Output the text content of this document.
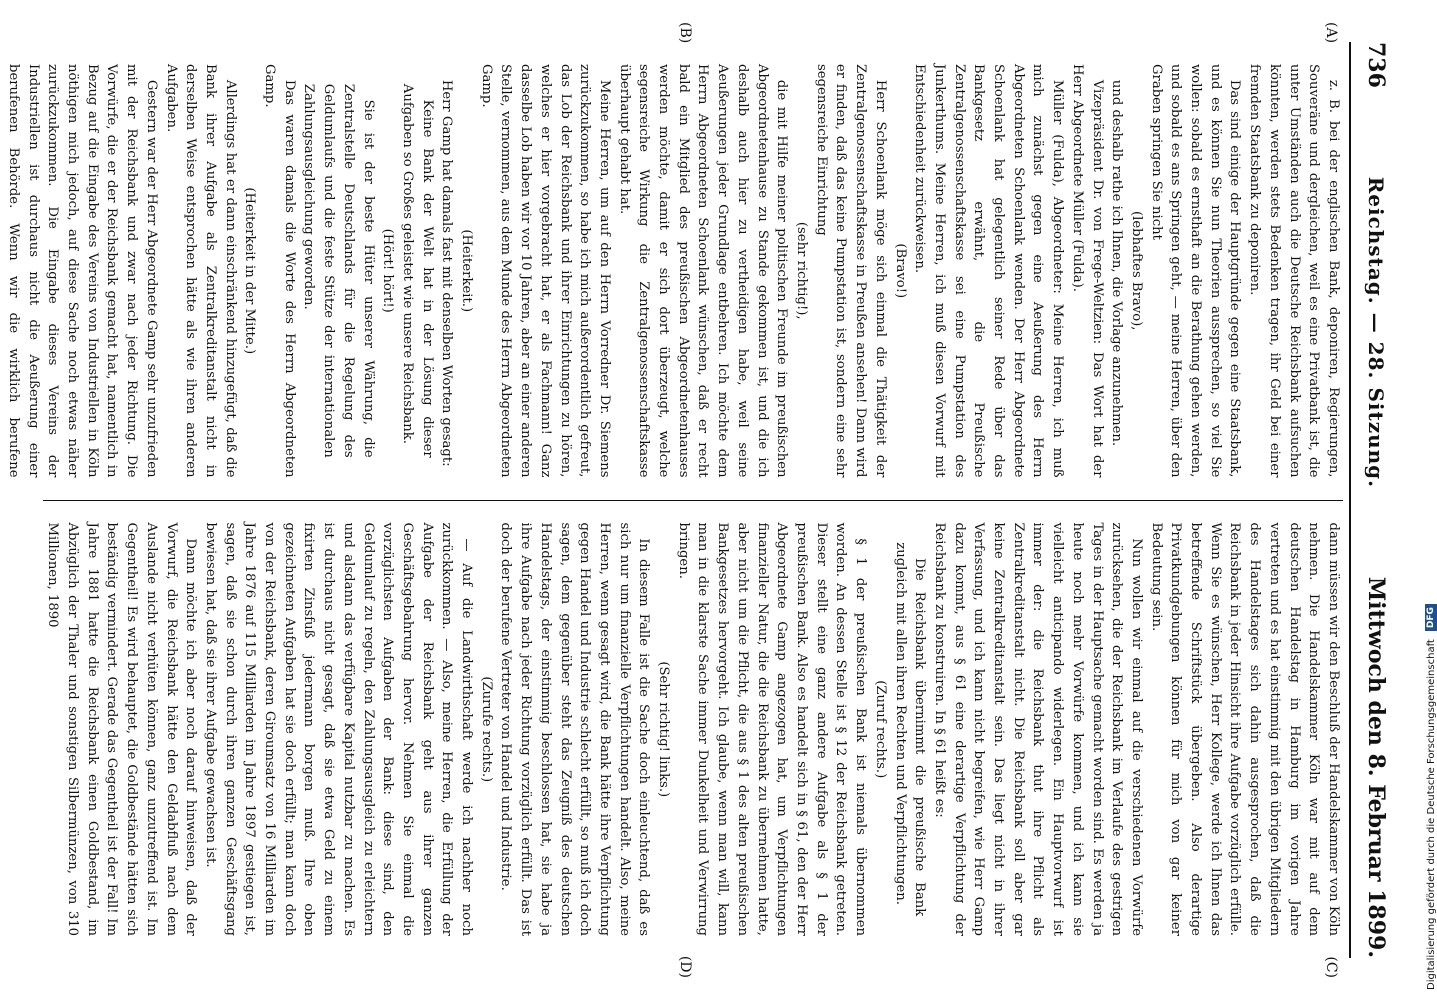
736
Reichstag. — 28. Sitzung.
Mittwoch den 8. Februar 1899.
(A)
(B)
(C)
(D)

z. B. bei der englischen Bank, deponiren, Regierungen, Souveräne und dergleichen, weil es eine Privatbank ist, die unter Umständen auch die Deutsche Reichsbank aufsuchen könnten, werden stets Bedenken tragen, ihr Geld bei einer fremden Staatsbank zu deponiren.

Das sind einige der Hauptgründe gegen eine Staatsbank, und es können Sie nun Theorien aussprechen, so viel Sie wollen: sobald es ernsthaft an die Berathung gehen werden, und sobald es ans Springen geht, — meine Herren, über den Graben springen Sie nicht

(lebhaftes Bravo),

und deshalb rathe ich Ihnen, die Vorlage anzunehmen.

Vizepräsident Dr. von Frege-Weltzien: Das Wort hat der Herr Abgeordnete Müller (Fulda).

Müller (Fulda), Abgeordneter: Meine Herren, ich muß mich zunächst gegen eine Aeußerung des Herrn Abgeordneten Schoenlank wenden. Der Herr Abgeordnete Schoenlank hat gelegentlich seiner Rede über das Bankgesetz erwähnt, die Preußische Zentralgenossenschaftskasse sei eine Pumpstation des Junkerthums. Meine Herren, ich muß diesen Vorwurf mit Entschiedenheit zurückweisen.

(Bravo!)

Herr Schoenlank möge sich einmal die Thätigkeit der Zentralgenossenschaftskasse in Preußen ansehen! Dann wird er finden, daß das keine Pumpstation ist, sondern eine sehr segensreiche Einrichtung

(sehr richtig!),

die mit Hilfe meiner politischen Freunde im preußischen Abgeordnetenhause zu Stande gekommen ist, und die ich deshalb auch hier zu vertheidigen habe, weil seine Aeußerungen jeder Grundlage entbehren. Ich möchte dem Herrn Abgeordneten Schoenlank wünschen, daß er recht bald ein Mitglied des preußischen Abgeordnetenhauses werden möchte, damit er sich dort überzeugt, welche segensreiche Wirkung die Zentralgenossenschaftskasse überhaupt gehabt hat.

Meine Herren, um auf den Herrn Vorredner Dr. Siemens zurückzukommen, so habe ich mich außerordentlich gefreut, das Lob der Reichsbank und ihrer Einrichtungen zu hören, welches er hier vorgebracht hat, er als Fachmann! Ganz dasselbe Lob haben wir vor 10 Jahren, aber an einer anderen Stelle, vernommen, aus dem Munde des Herrn Abgeordneten Gamp.

(Heiterkeit.)

Herr Gamp hat damals fast mit denselben Worten gesagt:

Keine Bank der Welt hat in der Lösung dieser Aufgaben so Großes geleistet wie unsere Reichsbank.

(Hört! hört!)

Sie ist der beste Hüter unserer Währung, die Zentralstelle Deutschlands für die Regelung des Geldumlaufs und die feste Stütze der internationalen Zahlungsausgleichung geworden.

Das waren damals die Worte des Herrn Abgeordneten Gamp.

(Heiterkeit in der Mitte.)

Allerdings hat er dann einschränkend hinzugefügt, daß die Bank ihrer Aufgabe als Zentralkreditanstalt nicht in derselben Weise entsprochen hätte als wie ihren anderen Aufgaben.

Gestern war der Herr Abgeordnete Gamp sehr unzufrieden mit der Reichsbank und zwar nach jeder Richtung. Die Vorwürfe, die er der Reichsbank gemacht hat, namentlich in Bezug auf die Eingabe des Vereins von Industriellen in Köln nöthigen mich jedoch, auf diese Sache noch etwas näher zurückzukommen. Die Eingabe dieses Vereins der Industriellen ist durchaus nicht die Aeußerung einer berufenen Behörde. Wenn wir die wirklich berufene

dann müssen wir den Beschluß der Handelskammer von Köln nehmen. Die Handelskammer Köln war mit auf dem deutschen Handelstag in Hamburg im vorigen Jahre vertreten und es hat einstimmig mit den übrigen Mitgliedern des Handelstages sich dahin ausgesprochen, daß die Reichsbank in jeder Hinsicht ihre Aufgabe vorzüglich erfülle. Wenn Sie es wünschen, Herr Kollege, werde ich Ihnen das betreffende Schriftstück übergeben. Also derartige Privatkundgebungen können für mich von gar keiner Bedeutung sein.

Nun wollen wir einmal auf die verschiedenen Vorwürfe zurücksehen, die der Reichsbank im Verlaufe des gestrigen Tages in der Hauptsache gemacht worden sind. Es werden ja heute noch mehr Vorwürfe kommen, und ich kann sie vielleicht anticipando widerlegen. Ein Hauptvorwurf ist immer der: die Reichsbank thut ihre Pflicht als Zentralkreditanstalt nicht. Die Reichsbank soll aber gar keine Zentralkreditanstalt sein. Das liegt nicht in ihrer Verfassung, und ich kann nicht begreifen, wie Herr Gamp dazu kommt, aus § 61 eine derartige Verpflichtung der Reichsbank zu konstruiren. In § 61 heißt es:

Die Reichsbank übernimmt die preußische Bank zugleich mit allen ihren Rechten und Verpflichtungen.

(Zuruf rechts.)

§ 1 der preußischen Bank ist niemals übernommen worden. An dessen Stelle ist § 12 der Reichsbank getreten. Dieser stellt eine ganz andere Aufgabe als § 1 der preußischen Bank. Also es handelt sich in § 61, den der Herr Abgeordnete Gamp angezogen hat, um Verpflichtungen finanzieller Natur, die die Reichsbank zu übernehmen hatte, aber nicht um die Pflicht, die aus § 1 des alten preußischen Bankgesetzes hervorgeht. Ich glaube, wenn man will, kann man in die klarste Sache immer Dunkelheit und Verwirrung bringen.

(Sehr richtig! links.)

In diesem Falle ist die Sache doch einleuchtend, daß es sich nur um finanzielle Verpflichtungen handelt. Also, meine Herren, wenn gesagt wird, die Bank hätte ihre Verpflichtung gegen Handel und Industrie schlecht erfüllt, so muß ich doch sagen, dem gegenüber steht das Zeugniß des deutschen Handelstags, der einstimmig beschlossen hat, sie habe ja ihre Aufgabe nach jeder Richtung vorzüglich erfüllt. Das ist doch der berufene Vertreter von Handel und Industrie.

(Zurufe rechts.)

— Auf die Landwirthschaft werde ich nachher noch zurückkommen. — Also, meine Herren, die Erfüllung der Aufgabe der Reichsbank geht aus ihrer ganzen Geschäftsgebahrung hervor. Nehmen Sie einmal die vorzüglichsten Aufgaben der Bank: diese sind, den Geldumlauf zu regeln, den Zahlungsausgleich zu erleichtern und alsdann das verfügbare Kapital nutzbar zu machen. Es ist durchaus nicht gesagt, daß sie etwa Geld zu einem fixirten Zinsfuß jedermann borgen muß. Ihre oben gezeichneten Aufgaben hat sie doch erfüllt; man kann doch von der Reichsbank, deren Giroumsatz von 16 Milliarden im Jahre 1876 auf 115 Milliarden im Jahre 1897 gestiegen ist, sagen, daß sie schon durch ihren ganzen Geschäftsgang bewiesen hat, daß sie ihrer Aufgabe gewachsen ist.

Dann möchte ich aber noch darauf hinweisen, daß der Vorwurf, die Reichsbank hätte den Geldabfluß nach dem Auslande nicht verhüten können, ganz unzutreffend ist. Im Gegentheil! Es wird behauptet, die Goldbestände hätten sich beständig vermindert. Gerade das Gegentheil ist der Fall! Im Jahre 1881 hatte die Reichsbank einen Goldbestand, im Abzüglich der Thaler und sonstigen Silbermünzen, von 310 Millionen, 1890

Digitalisierung gefördert durch die Deutsche Forschungsgemeinschaft
DFG
